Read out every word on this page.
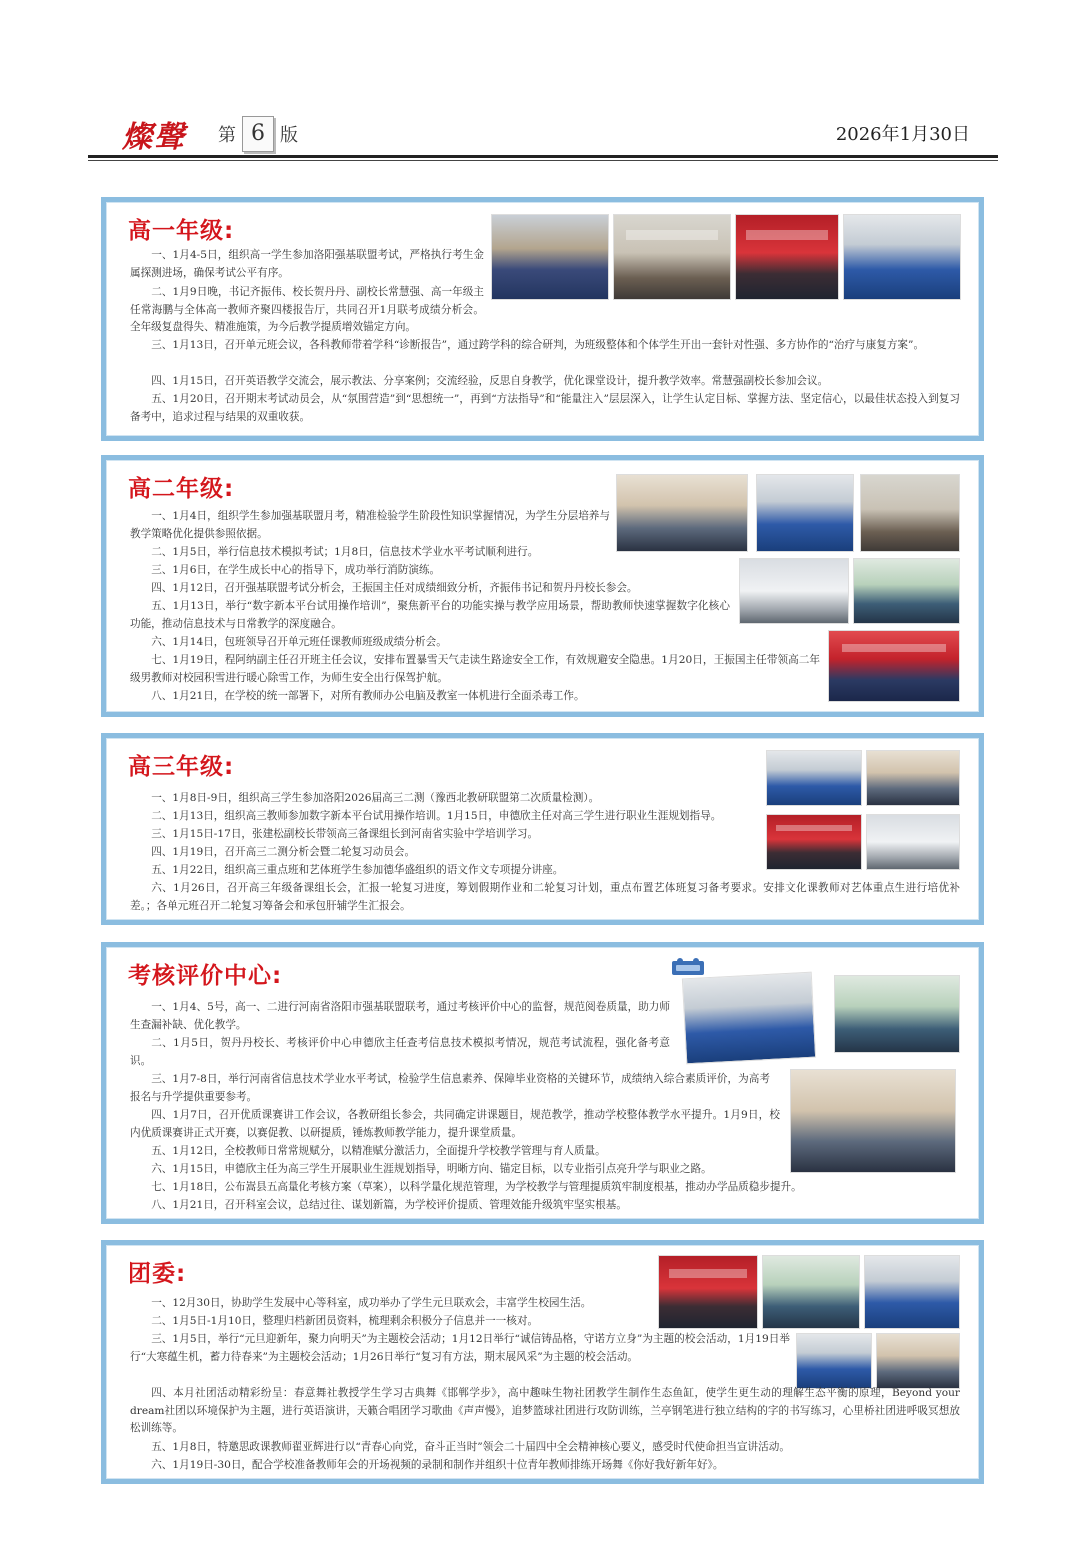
燦聲 第 6 版	2026年1月30日
高一年级:

一、1月4-5日，组织高一学生参加洛阳强基联盟考试，严格执行考生金属探测进场，确保考试公平有序。

二、1月9日晚，书记齐振伟、校长贺丹丹、副校长常慧强、高一年级主任常海鹏与全体高一教师齐聚四楼报告厅，共同召开1月联考成绩分析会。全年级复盘得失、精准施策，为今后教学提质增效锚定方向。

三、1月13日，召开单元班会议，各科教师带着学科“诊断报告”，通过跨学科的综合研判，为班级整体和个体学生开出一套针对性强、多方协作的“治疗与康复方案”。

四、1月15日，召开英语教学交流会，展示教法、分享案例；交流经验，反思自身教学，优化课堂设计，提升教学效率。常慧强副校长参加会议。

五、1月20日，召开期末考试动员会，从“氛围营造”到“思想统一”，再到“方法指导”和“能量注入”层层深入，让学生认定目标、掌握方法、坚定信心，以最佳状态投入到复习备考中，追求过程与结果的双重收获。

高二年级:

一、1月4日，组织学生参加强基联盟月考，精准检验学生阶段性知识掌握情况，为学生分层培养与教学策略优化提供参照依据。

二、1月5日，举行信息技术模拟考试；1月8日，信息技术学业水平考试顺利进行。

三、1月6日，在学生成长中心的指导下，成功举行消防演练。

四、1月12日，召开强基联盟考试分析会，王振国主任对成绩细致分析，齐振伟书记和贺丹丹校长参会。

五、1月13日，举行“数字新本平台试用操作培训”，聚焦新平台的功能实操与教学应用场景，帮助教师快速掌握数字化核心功能，推动信息技术与日常教学的深度融合。

六、1月14日，包班领导召开单元班任课教师班级成绩分析会。

七、1月19日，程阿纳副主任召开班主任会议，安排布置暴雪天气走读生路途安全工作，有效规避安全隐患。1月20日，王振国主任带领高二年级男教师对校园积雪进行暖心除雪工作，为师生安全出行保驾护航。

八、1月21日，在学校的统一部署下，对所有教师办公电脑及教室一体机进行全面杀毒工作。

高三年级:

一、1月8日-9日，组织高三学生参加洛阳2026届高三二测（豫西北教研联盟第二次质量检测）。

二、1月13日，组织高三教师参加数字新本平台试用操作培训。1月15日，申德欣主任对高三学生进行职业生涯规划指导。

三、1月15日-17日，张建松副校长带领高三备课组长到河南省实验中学培训学习。

四、1月19日，召开高三二测分析会暨二轮复习动员会。

五、1月22日，组织高三重点班和艺体班学生参加德华盛组织的语文作文专项提分讲座。

六、1月26日，召开高三年级备课组长会，汇报一轮复习进度，筹划假期作业和二轮复习计划，重点布置艺体班复习备考要求。安排文化课教师对艺体重点生进行培优补差。；各单元班召开二轮复习筹备会和承包肝辅学生汇报会。

考核评价中心:

一、1月4、5号，高一、二进行河南省洛阳市强基联盟联考，通过考核评价中心的监督，规范阅卷质量，助力师生查漏补缺、优化教学。

二、1月5日，贺丹丹校长、考核评价中心申德欣主任查考信息技术模拟考情况，规范考试流程，强化备考意识。

三、1月7-8日，举行河南省信息技术学业水平考试，检验学生信息素养、保障毕业资格的关键环节，成绩纳入综合素质评价，为高考报名与升学提供重要参考。

四、1月7日，召开优质课赛讲工作会议，各教研组长参会，共同确定讲课题目，规范教学，推动学校整体教学水平提升。1月9日，校内优质课赛讲正式开赛，以赛促教、以研提质，锤炼教师教学能力，提升课堂质量。

五、1月12日，全校教师日常常规赋分，以精准赋分激活力，全面提升学校教学管理与育人质量。

六、1月15日，申德欣主任为高三学生开展职业生涯规划指导，明晰方向、锚定目标，以专业指引点亮升学与职业之路。

七、1月18日，公布嵩县五高量化考核方案（草案），以科学量化规范管理，为学校教学与管理提质筑牢制度根基，推动办学品质稳步提升。

八、1月21日，召开科室会议，总结过往、谋划新篇，为学校评价提质、管理效能升级筑牢坚实根基。

团委:

一、12月30日，协助学生发展中心等科室，成功举办了学生元旦联欢会，丰富学生校园生活。

二、1月5日-1月10日，整理归档新团员资料，梳理剩余积极分子信息并一一核对。

三、1月5日，举行“元旦迎新年，聚力向明天”为主题校会活动；1月12日举行“诚信铸品格，守诺方立身”为主题的校会活动，1月19日举行“大寒蕴生机，蓄力待春来”为主题校会活动；1月26日举行“复习有方法，期末展风采”为主题的校会活动。

四、本月社团活动精彩纷呈：春意舞社教授学生学习古典舞《邯郸学步》，高中趣味生物社团教学生制作生态鱼缸，使学生更生动的理解生态平衡的原理，Beyond your dream社团以环境保护为主题，进行英语演讲，天籁合唱团学习歌曲《声声慢》，追梦篮球社团进行攻防训练，兰亭钢笔进行独立结构的字的书写练习，心里桥社团进呼吸冥想放松训练等。

五、1月8日，特邀思政课教师翟亚辉进行以“青春心向党，奋斗正当时”领会二十届四中全会精神核心要义，感受时代使命担当宣讲活动。

六、1月19日-30日，配合学校准备教师年会的开场视频的录制和制作并组织十位青年教师排练开场舞《你好我好新年好》。
